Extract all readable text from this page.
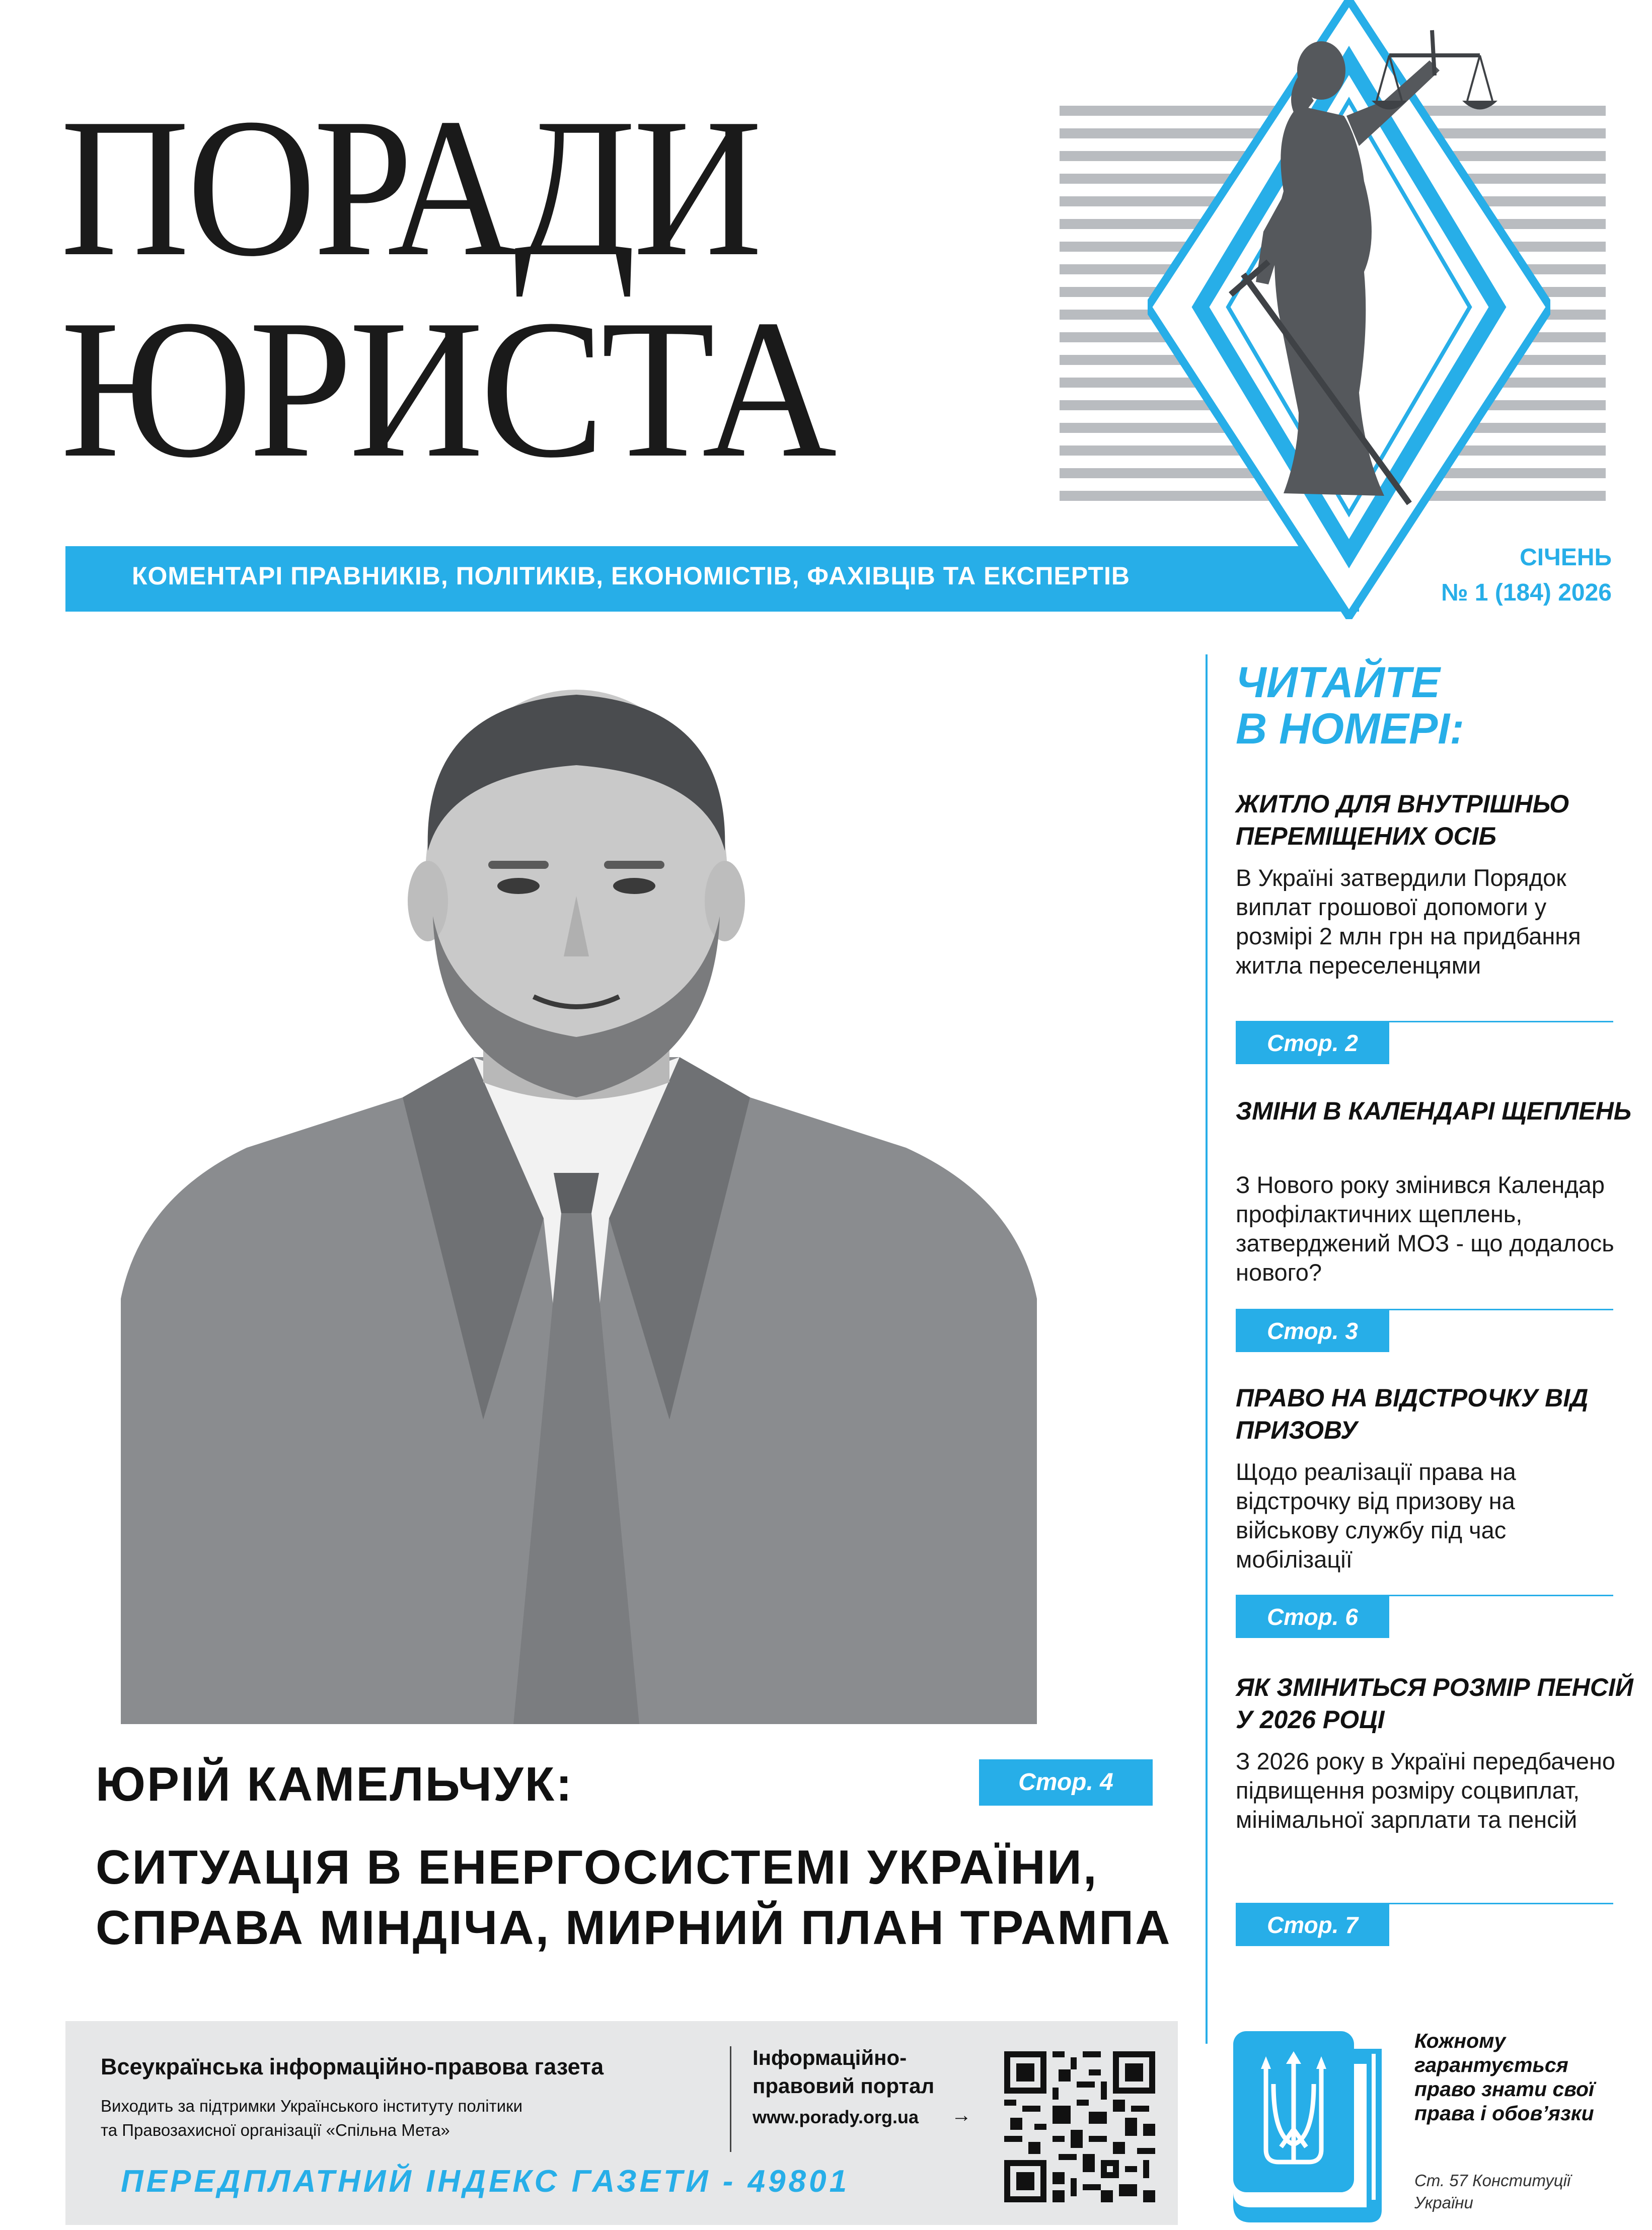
ПОРАДИ
ЮРИСТА
КОМЕНТАРІ ПРАВНИКІВ, ПОЛІТИКІВ, ЕКОНОМІСТІВ, ФАХІВЦІВ ТА ЕКСПЕРТІВ
СІЧЕНЬ
№ 1 (184) 2026
ЮРІЙ КАМЕЛЬЧУК:	Стор. 4
СИТУАЦІЯ В ЕНЕРГОСИСТЕМІ УКРАЇНИ,
СПРАВА МІНДІЧА, МИРНИЙ ПЛАН ТРАМПА
ЧИТАЙТЕ
В НОМЕРІ:
ЖИТЛО ДЛЯ ВНУТРІШНЬО ПЕРЕМІЩЕНИХ ОСІБ
В Україні затвердили Порядок виплат грошової допомоги у розмірі 2 млн грн на придбання житла переселенцями
Стор. 2
ЗМІНИ В КАЛЕНДАРІ ЩЕПЛЕНЬ
З Нового року змінився Календар профілактичних щеплень, затверджений МОЗ - що додалось нового?
Стор. 3
ПРАВО НА ВІДСТРОЧКУ ВІД ПРИЗОВУ
Щодо реалізації права на відстрочку від призову на військову службу під час мобілізації
Стор. 6
ЯК ЗМІНИТЬСЯ РОЗМІР ПЕНСІЙ У 2026 РОЦІ
З 2026 року в Україні передбачено підвищення розміру соцвиплат, мінімальної зарплати та пенсій
Стор. 7
Всеукраїнська інформаційно-правова газета
Виходить за підтримки Українського інституту політики
та Правозахисної організації «Спільна Мета»
Інформаційно-правовий портал
www.porady.org.ua →
ПЕРЕДПЛАТНИЙ ІНДЕКС ГАЗЕТИ - 49801
Кожному гарантується право знати свої права і обов’язки
Ст. 57 Конституції України
